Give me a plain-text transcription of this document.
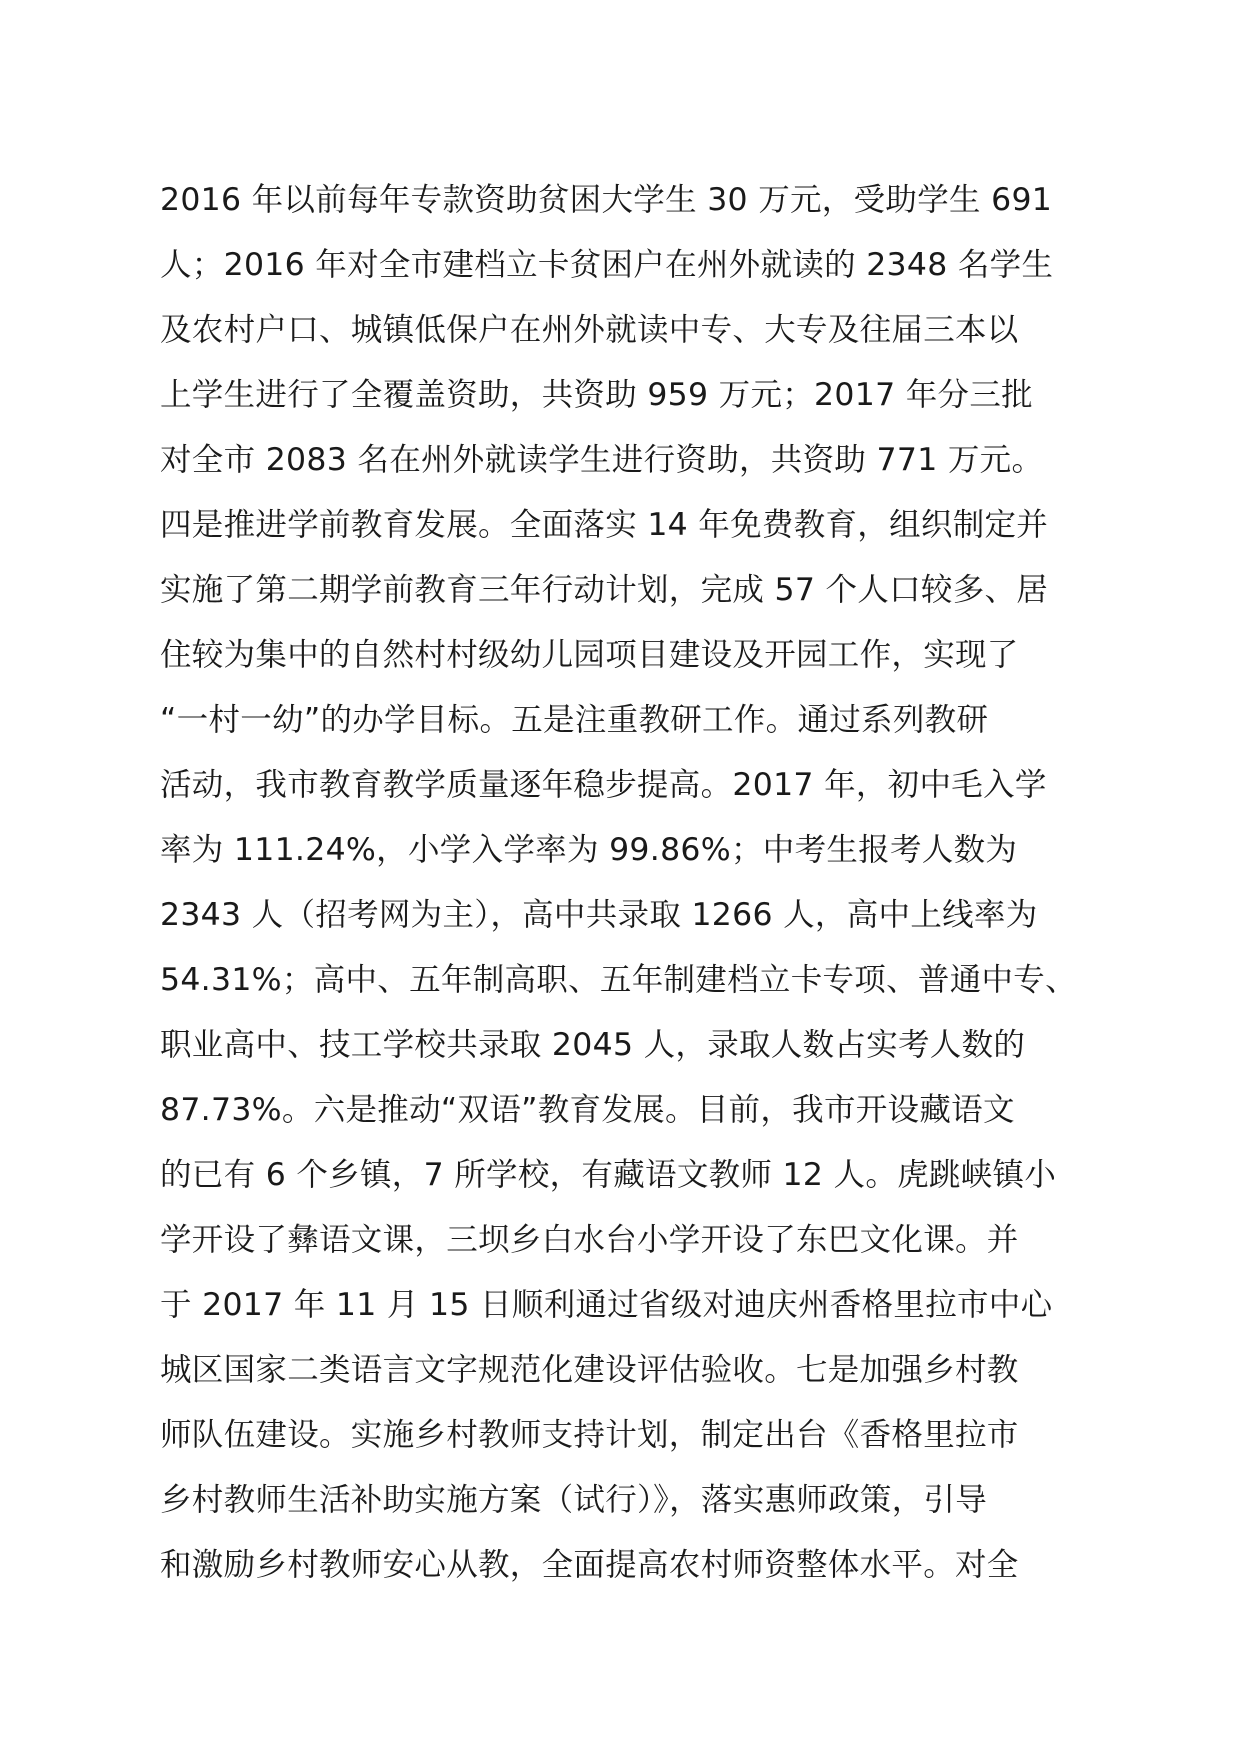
2016 年以前每年专款资助贫困大学生 30 万元，受助学生 691
人；2016 年对全市建档立卡贫困户在州外就读的 2348 名学生
及农村户口、城镇低保户在州外就读中专、大专及往届三本以
上学生进行了全覆盖资助，共资助 959 万元；2017 年分三批
对全市 2083 名在州外就读学生进行资助，共资助 771 万元。
四是推进学前教育发展。全面落实 14 年免费教育，组织制定并
实施了第二期学前教育三年行动计划，完成 57 个人口较多、居
住较为集中的自然村村级幼儿园项目建设及开园工作，实现了
“一村一幼”的办学目标。五是注重教研工作。通过系列教研
活动，我市教育教学质量逐年稳步提高。2017 年，初中毛入学
率为 111.24%，小学入学率为 99.86%；中考生报考人数为
2343 人（招考网为主），高中共录取 1266 人，高中上线率为
54.31%；高中、五年制高职、五年制建档立卡专项、普通中专、
职业高中、技工学校共录取 2045 人，录取人数占实考人数的
87.73%。六是推动“双语”教育发展。目前，我市开设藏语文
的已有 6 个乡镇，7 所学校，有藏语文教师 12 人。虎跳峡镇小
学开设了彝语文课，三坝乡白水台小学开设了东巴文化课。并
于 2017 年 11 月 15 日顺利通过省级对迪庆州香格里拉市中心
城区国家二类语言文字规范化建设评估验收。七是加强乡村教
师队伍建设。实施乡村教师支持计划，制定出台《香格里拉市
乡村教师生活补助实施方案（试行）》，落实惠师政策，引导
和激励乡村教师安心从教，全面提高农村师资整体水平。对全
